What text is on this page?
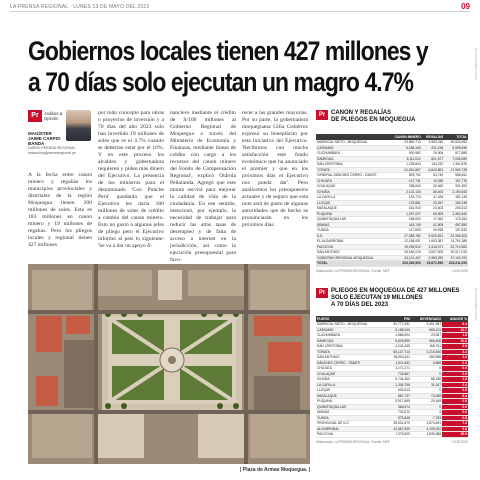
LA PRENSA REGIONAL - LUNES 13 DE MAYO DEL 2023	09
prensaregional.pe
prensaregional.pe
Gobiernos locales tienen 427 millones y
a 70 días solo ejecutan un magro 4.7%
Pr	Análisis & Opinión
MAGÍSTER JAIME CARPIO BANDA
DIARIO PRENSA REGIONAL
redaccion@prensaregional.pe

A la fecha entre canon minero y regalías los municipios provinciales y distritales de la región Moquegua tienen 200 millones de soles. Esto es 183 millones en canon minero y 19 millones de regalías. Pero los pliegos locales y regional tienen 427 millones

por todo concepto para obras o proyectos de inversión y a 70 días del año 2023 solo han invertido 19 millones de soles que es el 4.7% cuando se deberían estar por el 16%. Y en este proceso los alcaldes y gobernadora requieren y piden más dinero del Ejecutivo. La presencia de los ministros para el denominado 'Con Punche Perú' quedarán que el Ejecutivo les daría 100 millones de soles de crédito a cambio del canon minero. Esto no gustó a algunos jefes de pliego pero el Ejecutivo informó al país lo siguiente: 'Se va a dar un apoyo fi-

nanciero mediante el crédito de S/100 millones al Gobierno Regional de Moquegua a través del Ministerio de Economía y Finanzas, mediante líneas de crédito con cargo a los recursos del canon minero del Fondo de Compensación Regional', explicó Otárola Peñaranda. Agregó que este monto servirá para mejorar la calidad de vida de la ciudadanía. En ese sentido, mencionó, por ejemplo, la necesidad de trabajar para reducir las altas tasas de desempleo y de falta de acceso a internet en la jurisdicción, así como la ejecución presupuestal para favo-

recer a las grandes mayorías. Por su parte, la gobernadora moqueguana Gilia Gutiérrez expresó su beneplácito por esta iniciativa del Ejecutivo. 'Recibimos con mucha satisfacción este fondo económico que ha anunciado el premier y que en los próximos días el Ejecutivo nos pueda dar'. Pero analicemos los presupuestos actuales y de seguro que esta nota será de gusto de algunas autoridades que de hecho se pronunciarán en los próximos días.

| Plaza de Armas Moquegua. |
Pr CANON Y REGALÍAS
DE PLIEGOS EN MOQUEGUA
	CANON MINERO	REGALÍAS	TOTAL
MARISCAL NIETO - MOQUEGUA	23,560,713	2,963,240	26,523,953
CARUMAS	6,188,440	811,196	6,999,636
CUCHUMBAYA	900,982	76,906	977,888
SAMEGUA	6,111,512	801,577	7,006,089
SAN CRISTOBAL	1,228,644	134,232	1,362,876
TORATA	41,061,867	6,843,861	47,905,728
GENERAL SÁNCHEZ CERRO - OMATE	503,702	54,749	558,451
CHOJATA	147,741	10,035	157,776
COALAQUE	298,840	32,460	331,300
ICHUÑA	2,102,133	88,400	2,190,533
LA CAPILLA	133,713	47,426	181,139
LLOQUE	129,881	20,257	150,138
MATALAQUE	181,910	23,403	205,313
PUQUINA	1,297,037	65,905	1,362,942
QUINISTAQUILLAS	158,002	17,262	175,264
UBINAS	415,745	41,805	457,550
YUNGA	147,693	49,939	197,632
ILO	27,385,782	5,920,521	33,306,303
EL ALGARROBAL	12,188,001	1,603,387	13,791,388
PACOCHA	19,295,512	3,418,071	22,713,583
SAN ANTONIO	26,180,019	3,837,000	30,017,019
GOBIERNO REGIONAL MOQUEGUA	34,121,407	2,983,293	37,104,700
TOTAL	203,339,503	19,871,590	223,211,093
Elaboración: LA PRENSA REGIONAL. Fuente: MEF	13.05.2023
Pr PLIEGOS EN MOQUEGUA DE 427 MILLONES
SOLO EJECUTAN 19 MILLONES
A 70 DÍAS DEL 2023
PLIEGO	PIM	DEVENGADO	AVANCE %
MARISCAL NIETO - MOQUEGUA	52,777,451	3,401,957	6.4
CARUMAS	6,188,440	665,101	10.7
CUCHUMBAYA	1,566,004	23,067	1.5
SAMEGUA	6,629,899	665,606	10.0
SAN CRISTOBAL	4,241,445	166,761	3.9
TORATA	65,137,714	2,216,846	3.4
SAN ANTONIO	36,004,611	459,566	1.3
SÁNCHEZ CERRO - OMATE	1,911,662	4,866	0.3
CHOJATA	1,171,271	0	0.0
COALAQUE	732,867	0	0.0
ICHUÑA	5,744,262	85,336	1.5
LA CAPILLA	1,305,798	31,047	2.4
LLOQUE	602,613	0	0.0
MATALAQUE	867,737	73,058	8.4
PUQUINA	5,917,665	29,165	0.5
QUINISTAQUILLAS	366,674	0	0.0
UBINAS	732,670	0	0.0
YUNGA	973,848	7,753	0.8
PROVINCIAL DE ILO	38,631,679	2,874,451	7.4
ALGARROBAL	42,687,839	4,199,922	9.8
PACOCHA	7,079,609	1,835,388	25.9
Elaboración: LA PRENSA REGIONAL. Fuente: MEF	13.05.2023
